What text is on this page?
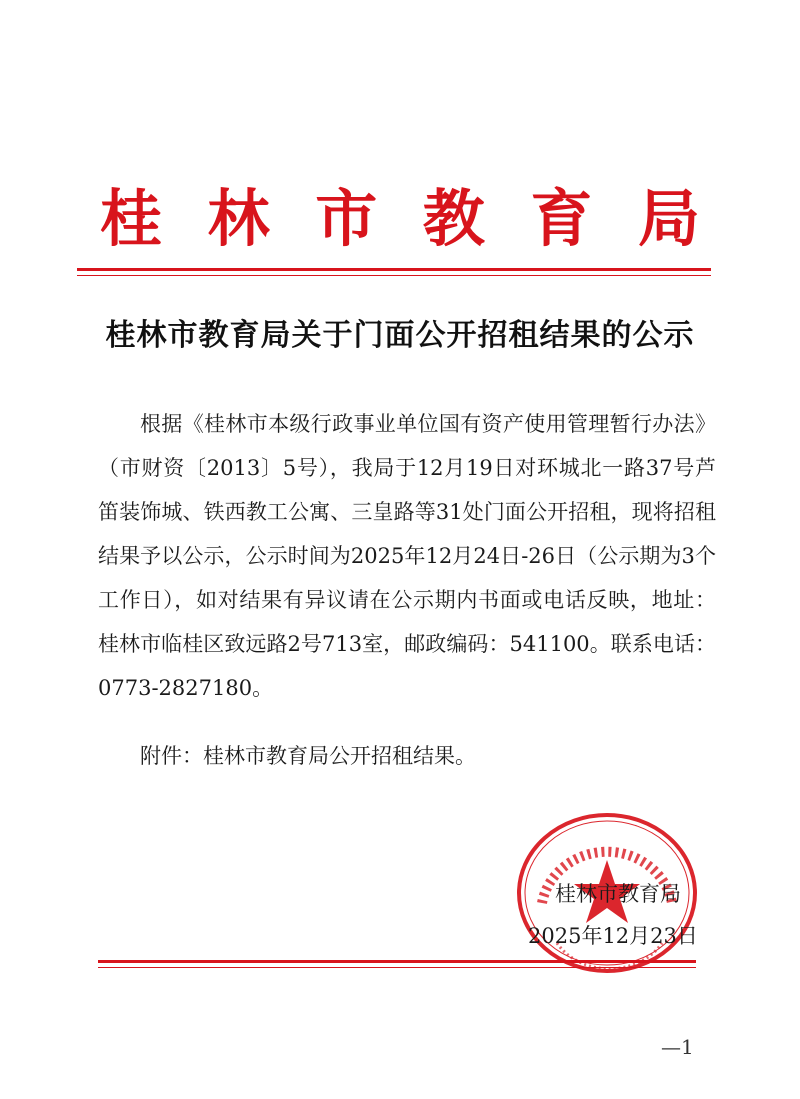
桂 林 市 教 育 局
桂林市教育局关于门面公开招租结果的公示

根据《桂林市本级行政事业单位国有资产使用管理暂行办法》（市财资〔2013〕5号），我局于12月19日对环城北一路37号芦笛装饰城、铁西教工公寓、三皇路等31处门面公开招租，现将招租结果予以公示，公示时间为2025年12月24日-26日（公示期为3个工作日），如对结果有异议请在公示期内书面或电话反映，地址：桂林市临桂区致远路2号713室，邮政编码：541100。联系电话：0773-2827180。

附件：桂林市教育局公开招租结果。
桂林市教育局
2025年12月23日
—1
